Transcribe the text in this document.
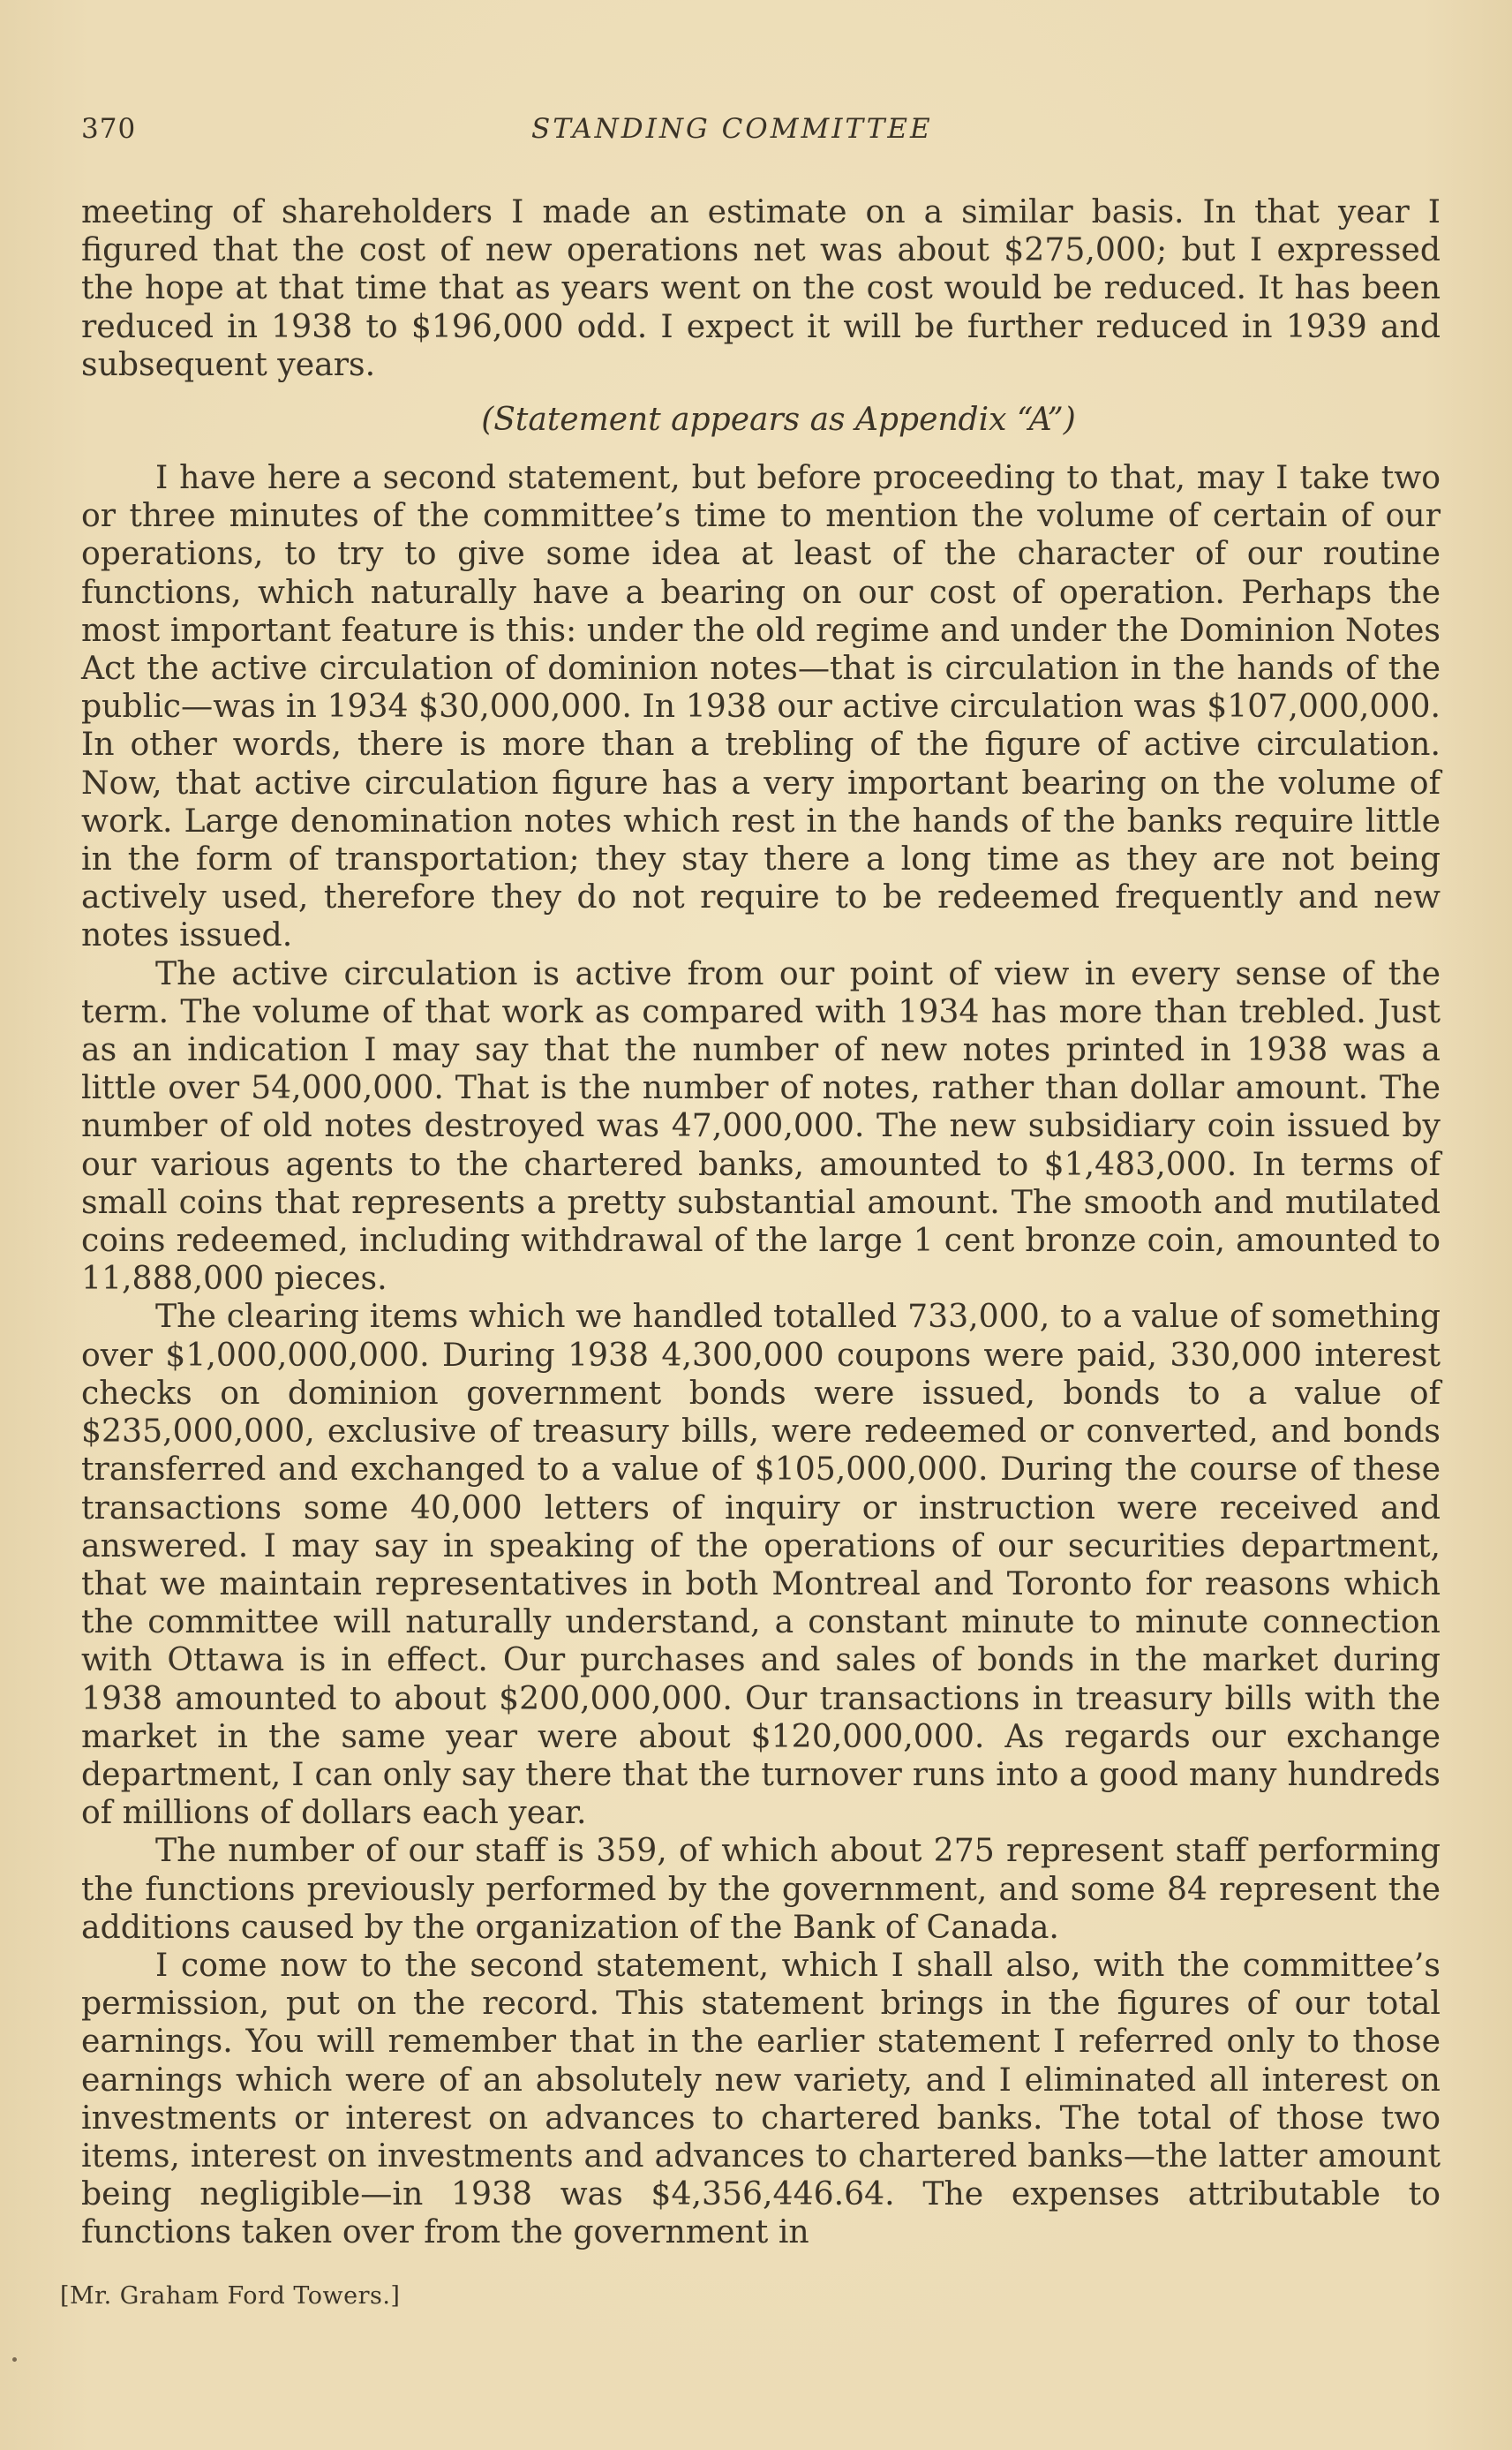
370	STANDING COMMITTEE

meeting of shareholders I made an estimate on a similar basis. In that year I figured that the cost of new operations net was about $275,000; but I expressed the hope at that time that as years went on the cost would be reduced. It has been reduced in 1938 to $196,000 odd. I expect it will be further reduced in 1939 and subsequent years.

(Statement appears as Appendix “A”)

I have here a second statement, but before proceeding to that, may I take two or three minutes of the committee’s time to mention the volume of certain of our operations, to try to give some idea at least of the character of our routine functions, which naturally have a bearing on our cost of operation. Perhaps the most important feature is this: under the old regime and under the Dominion Notes Act the active circulation of dominion notes—that is circulation in the hands of the public—was in 1934 $30,000,000. In 1938 our active circulation was $107,000,000. In other words, there is more than a trebling of the figure of active circulation. Now, that active circulation figure has a very important bearing on the volume of work. Large denomination notes which rest in the hands of the banks require little in the form of transportation; they stay there a long time as they are not being actively used, therefore they do not require to be redeemed frequently and new notes issued.

The active circulation is active from our point of view in every sense of the term. The volume of that work as compared with 1934 has more than trebled. Just as an indication I may say that the number of new notes printed in 1938 was a little over 54,000,000. That is the number of notes, rather than dollar amount. The number of old notes destroyed was 47,000,000. The new subsidiary coin issued by our various agents to the chartered banks, amounted to $1,483,000. In terms of small coins that represents a pretty substantial amount. The smooth and mutilated coins redeemed, including withdrawal of the large 1 cent bronze coin, amounted to 11,888,000 pieces.

The clearing items which we handled totalled 733,000, to a value of something over $1,000,000,000. During 1938 4,300,000 coupons were paid, 330,000 interest checks on dominion government bonds were issued, bonds to a value of $235,000,000, exclusive of treasury bills, were redeemed or converted, and bonds transferred and exchanged to a value of $105,000,000. During the course of these transactions some 40,000 letters of inquiry or instruction were received and answered. I may say in speaking of the operations of our securities department, that we maintain representatives in both Montreal and Toronto for reasons which the committee will naturally understand, a constant minute to minute connection with Ottawa is in effect. Our purchases and sales of bonds in the market during 1938 amounted to about $200,000,000. Our transactions in treasury bills with the market in the same year were about $120,000,000. As regards our exchange department, I can only say there that the turnover runs into a good many hundreds of millions of dollars each year.

The number of our staff is 359, of which about 275 represent staff performing the functions previously performed by the government, and some 84 represent the additions caused by the organization of the Bank of Canada.

I come now to the second statement, which I shall also, with the committee’s permission, put on the record. This statement brings in the figures of our total earnings. You will remember that in the earlier statement I referred only to those earnings which were of an absolutely new variety, and I eliminated all interest on investments or interest on advances to chartered banks. The total of those two items, interest on investments and advances to chartered banks—the latter amount being negligible—in 1938 was $4,356,446.64. The expenses attributable to functions taken over from the government in

[Mr. Graham Ford Towers.]
